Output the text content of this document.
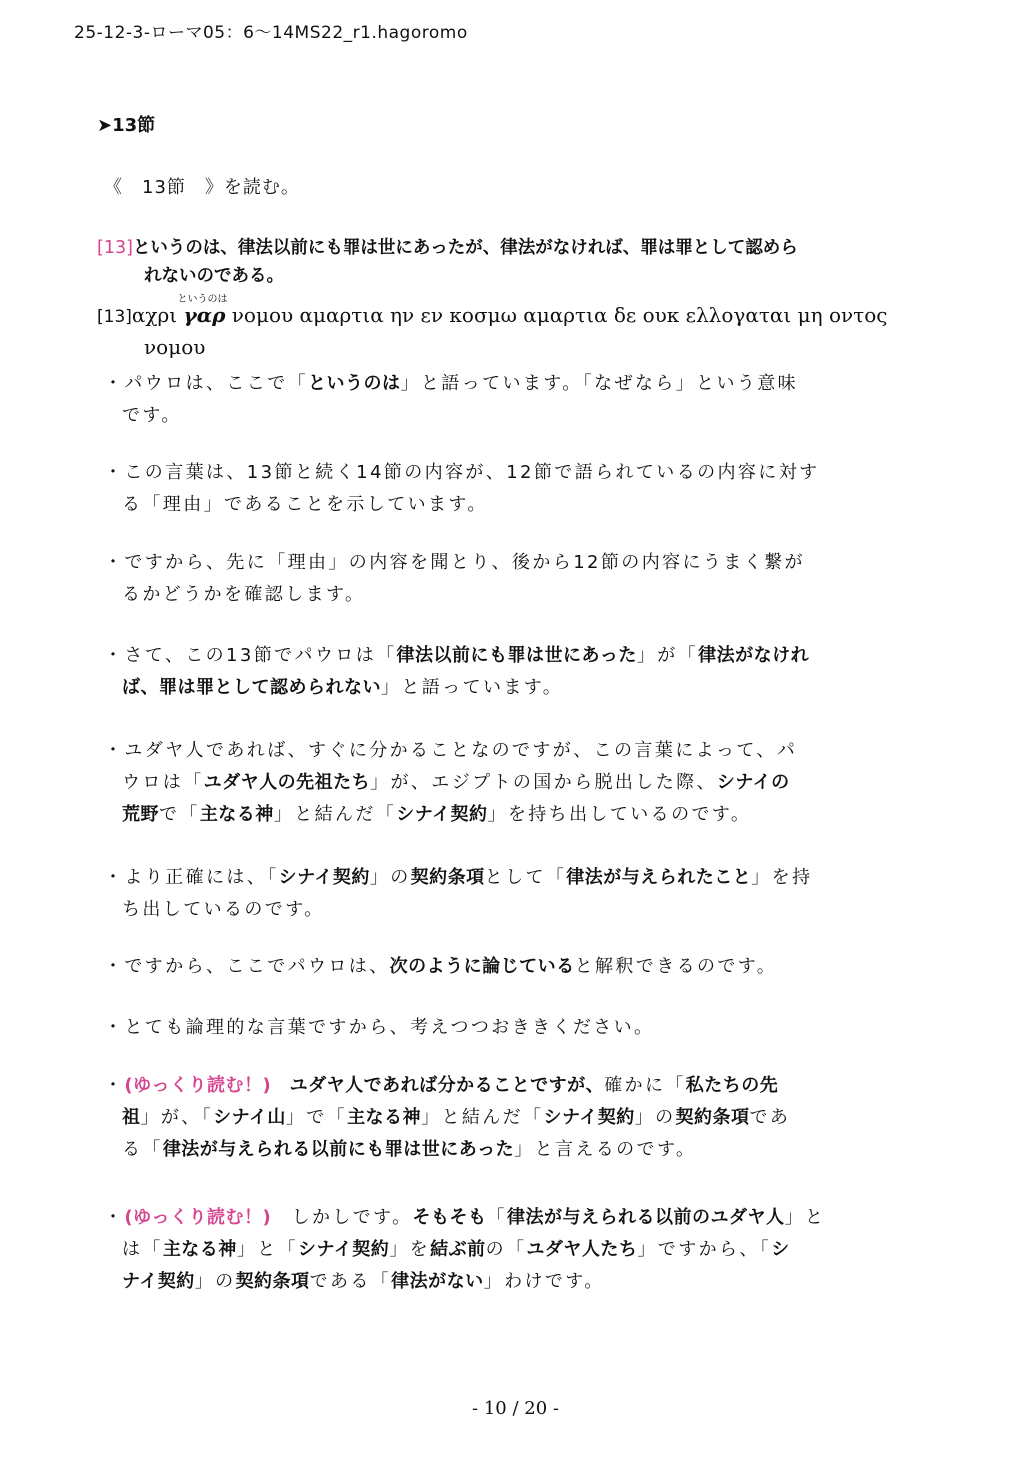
25-12-3-ローマ05：6〜14MS22_r1.hagoromo
➤13節
《　13節　》を読む。
[13]というのは、律法以前にも罪は世にあったが、律法がなければ、罪は罪として認めら
れないのである。
[13]αχρι
というのは
γαρ νομου αμαρτια ην εν κοσμω αμαρτια δε ουκ ελλογαται μη οντος
νομου
・パウロは、ここで「というのは」と語っています。「なぜなら」という意味
です。
・この言葉は、13節と続く14節の内容が、12節で語られているの内容に対す
る「理由」であることを示しています。
・ですから、先に「理由」の内容を聞とり、後から12節の内容にうまく繋が
るかどうかを確認します。
・さて、この13節でパウロは「律法以前にも罪は世にあった」が「律法がなけれ
ば、罪は罪として認められない」と語っています。
・ユダヤ人であれば、すぐに分かることなのですが、この言葉によって、パ
ウロは「ユダヤ人の先祖たち」が、エジプトの国から脱出した際、シナイの
荒野で「主なる神」と結んだ「シナイ契約」を持ち出しているのです。
・より正確には、「シナイ契約」の契約条項として「律法が与えられたこと」を持
ち出しているのです。
・ですから、ここでパウロは、次のように論じていると解釈できるのです。
・とても論理的な言葉ですから、考えつつおききください。
・(ゆっくり読む！)　ユダヤ人であれば分かることですが、確かに「私たちの先
祖」が、「シナイ山」で「主なる神」と結んだ「シナイ契約」の契約条項であ
る「律法が与えられる以前にも罪は世にあった」と言えるのです。
・(ゆっくり読む！)　しかしです。そもそも「律法が与えられる以前のユダヤ人」と
は「主なる神」と「シナイ契約」を結ぶ前の「ユダヤ人たち」ですから、「シ
ナイ契約」の契約条項である「律法がない」わけです。
- 10 / 20 -
